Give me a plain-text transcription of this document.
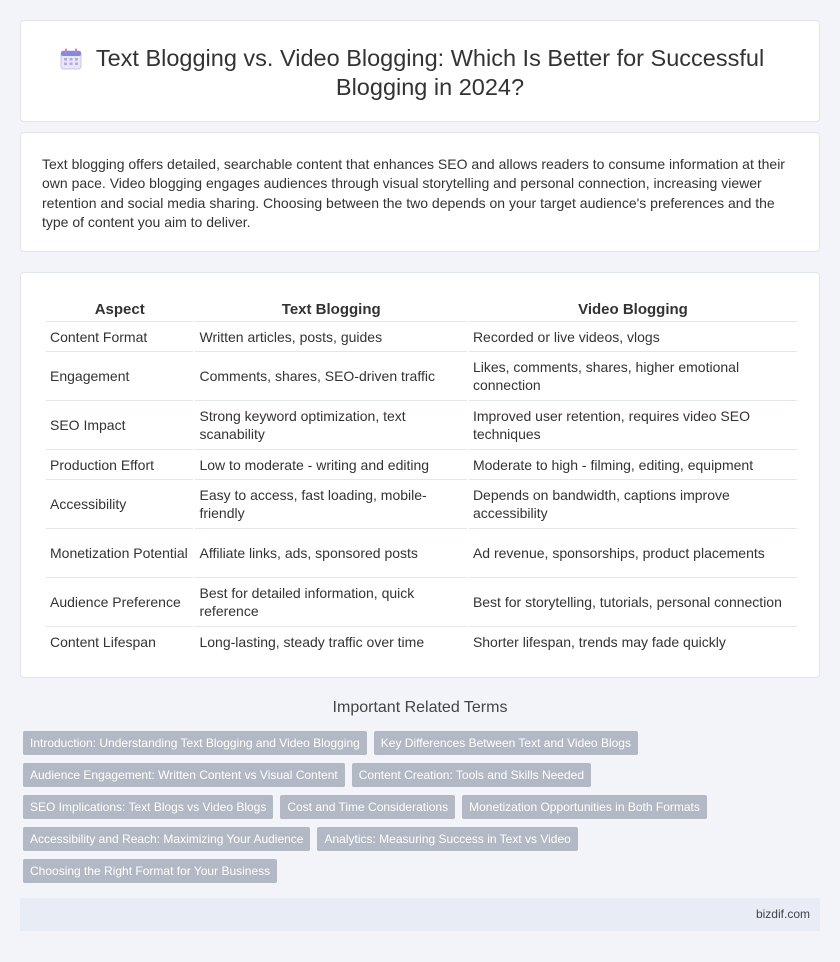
Text Blogging vs. Video Blogging: Which Is Better for Successful Blogging in 2024?

Text blogging offers detailed, searchable content that enhances SEO and allows readers to consume information at their own pace. Video blogging engages audiences through visual storytelling and personal connection, increasing viewer retention and social media sharing. Choosing between the two depends on your target audience's preferences and the type of content you aim to deliver.

Aspect	Text Blogging	Video Blogging
Content Format	Written articles, posts, guides	Recorded or live videos, vlogs
Engagement	Comments, shares, SEO-driven traffic	Likes, comments, shares, higher emotional connection
SEO Impact	Strong keyword optimization, text scanability	Improved user retention, requires video SEO techniques
Production Effort	Low to moderate - writing and editing	Moderate to high - filming, editing, equipment
Accessibility	Easy to access, fast loading, mobile-friendly	Depends on bandwidth, captions improve accessibility
Monetization Potential	Affiliate links, ads, sponsored posts	Ad revenue, sponsorships, product placements
Audience Preference	Best for detailed information, quick reference	Best for storytelling, tutorials, personal connection
Content Lifespan	Long-lasting, steady traffic over time	Shorter lifespan, trends may fade quickly
Important Related Terms
Introduction: Understanding Text Blogging and Video Blogging	Key Differences Between Text and Video Blogs
Audience Engagement: Written Content vs Visual Content	Content Creation: Tools and Skills Needed
SEO Implications: Text Blogs vs Video Blogs	Cost and Time Considerations	Monetization Opportunities in Both Formats
Accessibility and Reach: Maximizing Your Audience	Analytics: Measuring Success in Text vs Video
Choosing the Right Format for Your Business
bizdif.com
